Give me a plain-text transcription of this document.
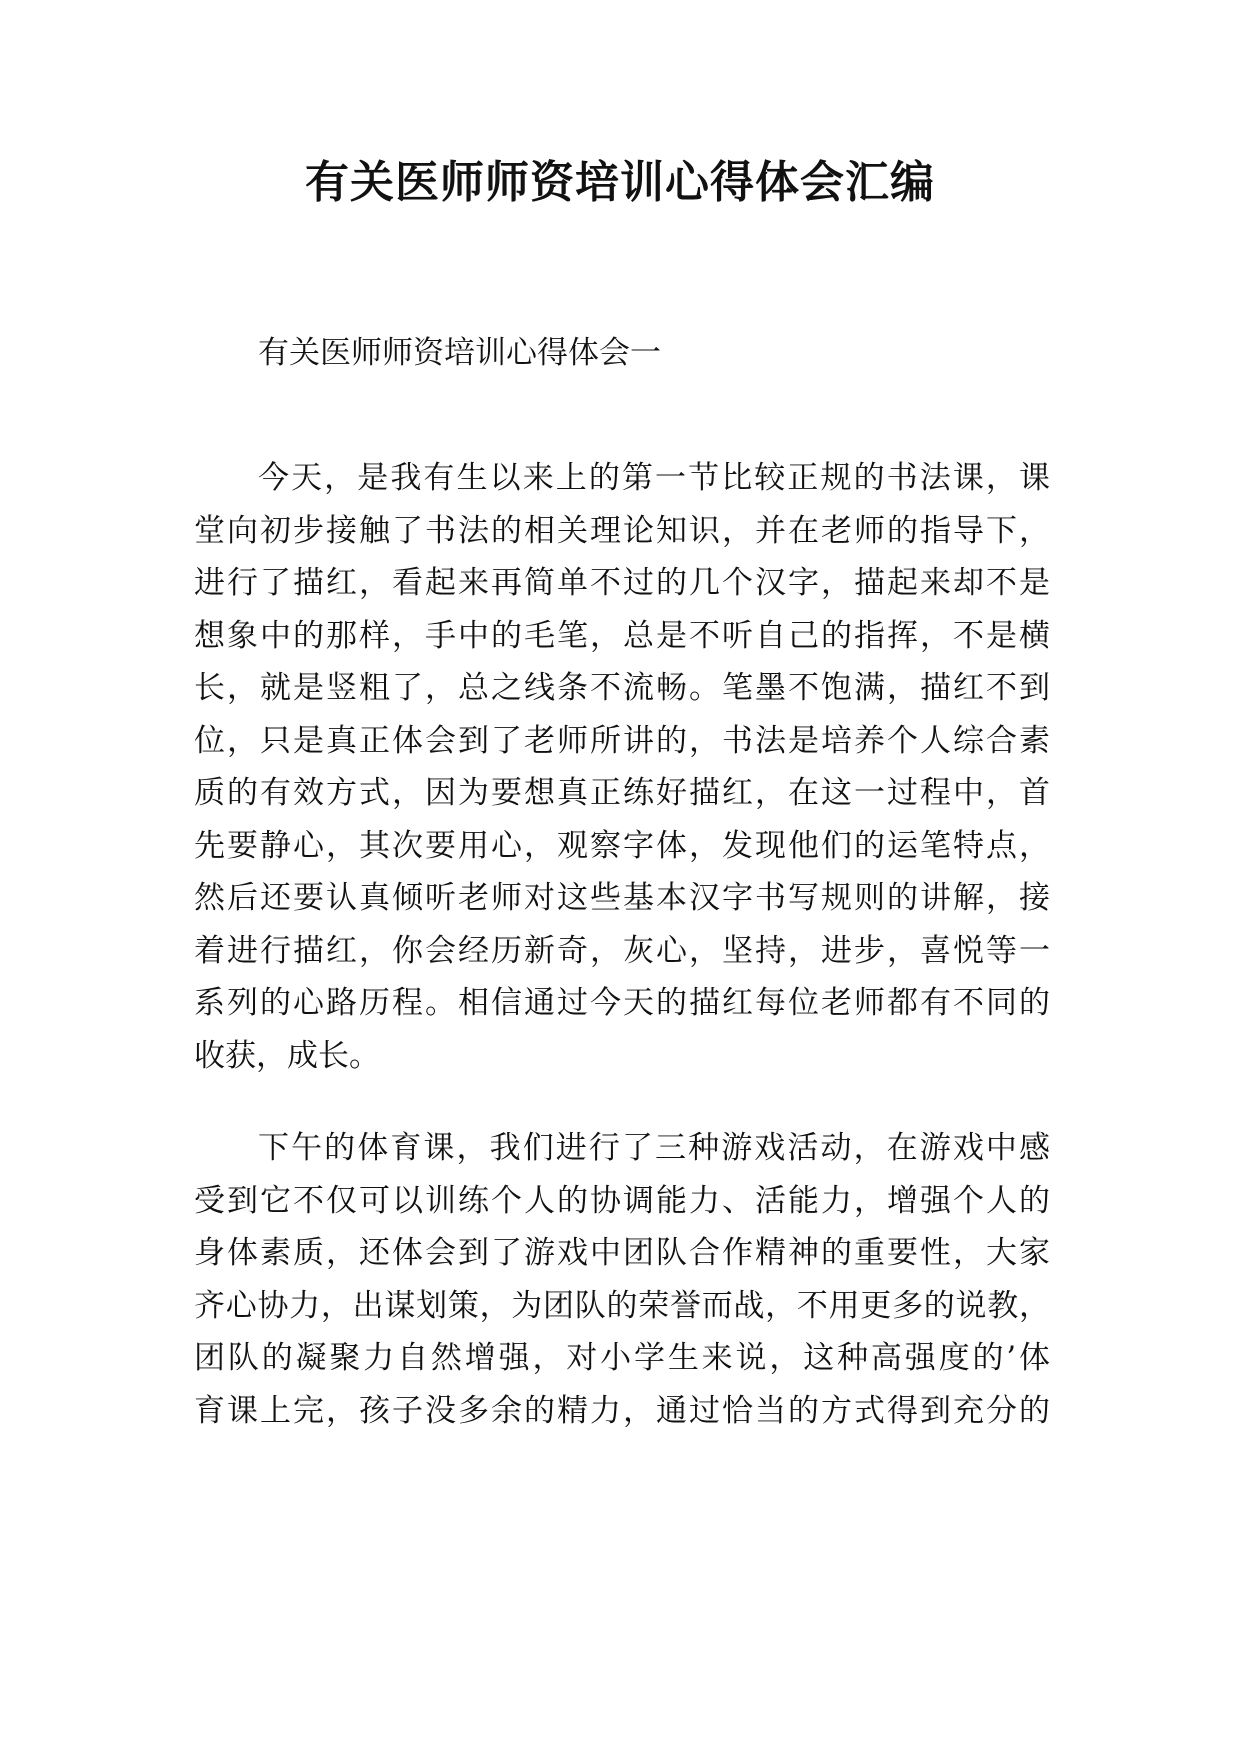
有关医师师资培训心得体会汇编

有关医师师资培训心得体会一

今天，是我有生以来上的第一节比较正规的书法课，课
堂向初步接触了书法的相关理论知识，并在老师的指导下，
进行了描红，看起来再简单不过的几个汉字，描起来却不是
想象中的那样，手中的毛笔，总是不听自己的指挥，不是横
长，就是竖粗了，总之线条不流畅。笔墨不饱满，描红不到
位，只是真正体会到了老师所讲的，书法是培养个人综合素
质的有效方式，因为要想真正练好描红，在这一过程中，首
先要静心，其次要用心，观察字体，发现他们的运笔特点，
然后还要认真倾听老师对这些基本汉字书写规则的讲解，接
着进行描红，你会经历新奇，灰心，坚持，进步，喜悦等一
系列的心路历程。相信通过今天的描红每位老师都有不同的
收获，成长。

下午的体育课，我们进行了三种游戏活动，在游戏中感
受到它不仅可以训练个人的协调能力、活能力，增强个人的
身体素质，还体会到了游戏中团队合作精神的重要性，大家
齐心协力，出谋划策，为团队的荣誉而战，不用更多的说教，
团队的凝聚力自然增强，对小学生来说，这种高强度的’体
育课上完，孩子没多余的精力，通过恰当的方式得到充分的
